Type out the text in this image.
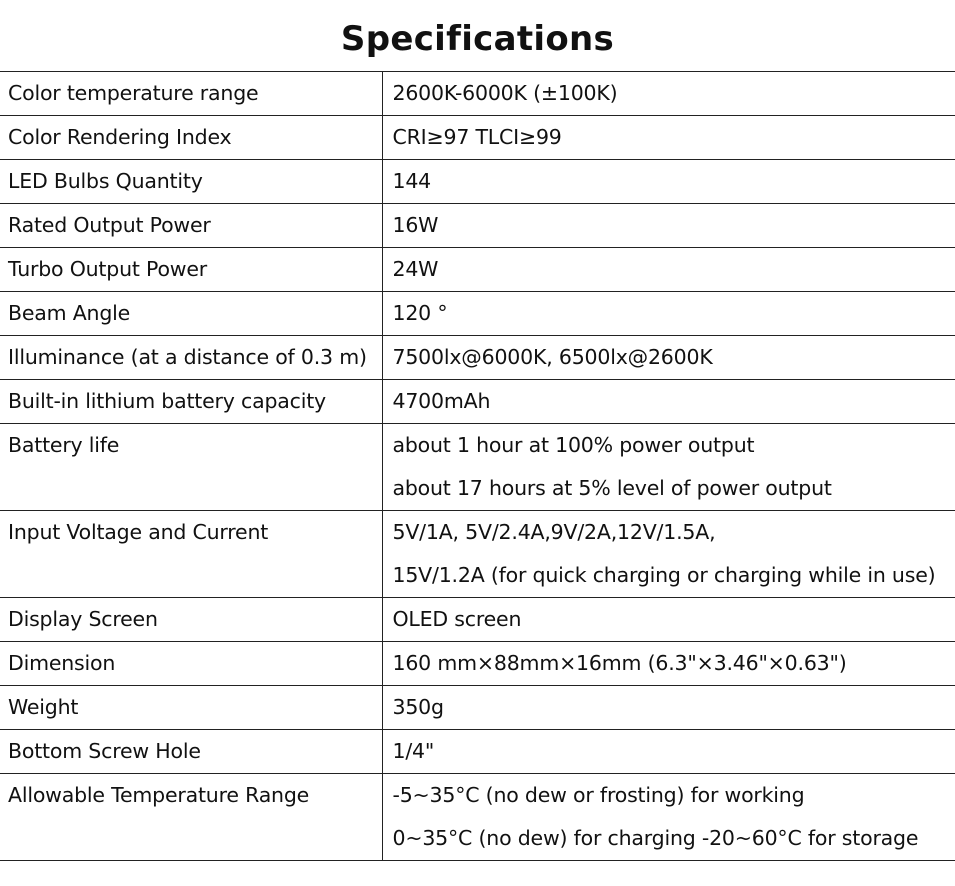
Specifications
Color temperature range	2600K-6000K (±100K)

Color Rendering Index	CRI≥97 TLCI≥99

LED Bulbs Quantity	144

Rated Output Power	16W

Turbo Output Power	24W

Beam Angle	120 °

Illuminance (at a distance of 0.3 m)	7500lx@6000K, 6500lx@2600K

Built-in lithium battery capacity	4700mAh

Battery life	about 1 hour at 100% power output
about 17 hours at 5% level of power output

Input Voltage and Current	5V/1A, 5V/2.4A,9V/2A,12V/1.5A,
15V/1.2A (for quick charging or charging while in use)

Display Screen	OLED screen

Dimension	160 mm×88mm×16mm (6.3"×3.46"×0.63")

Weight	350g

Bottom Screw Hole	1/4"

Allowable Temperature Range	-5~35°C (no dew or frosting) for working
0~35°C (no dew) for charging -20~60°C for storage
